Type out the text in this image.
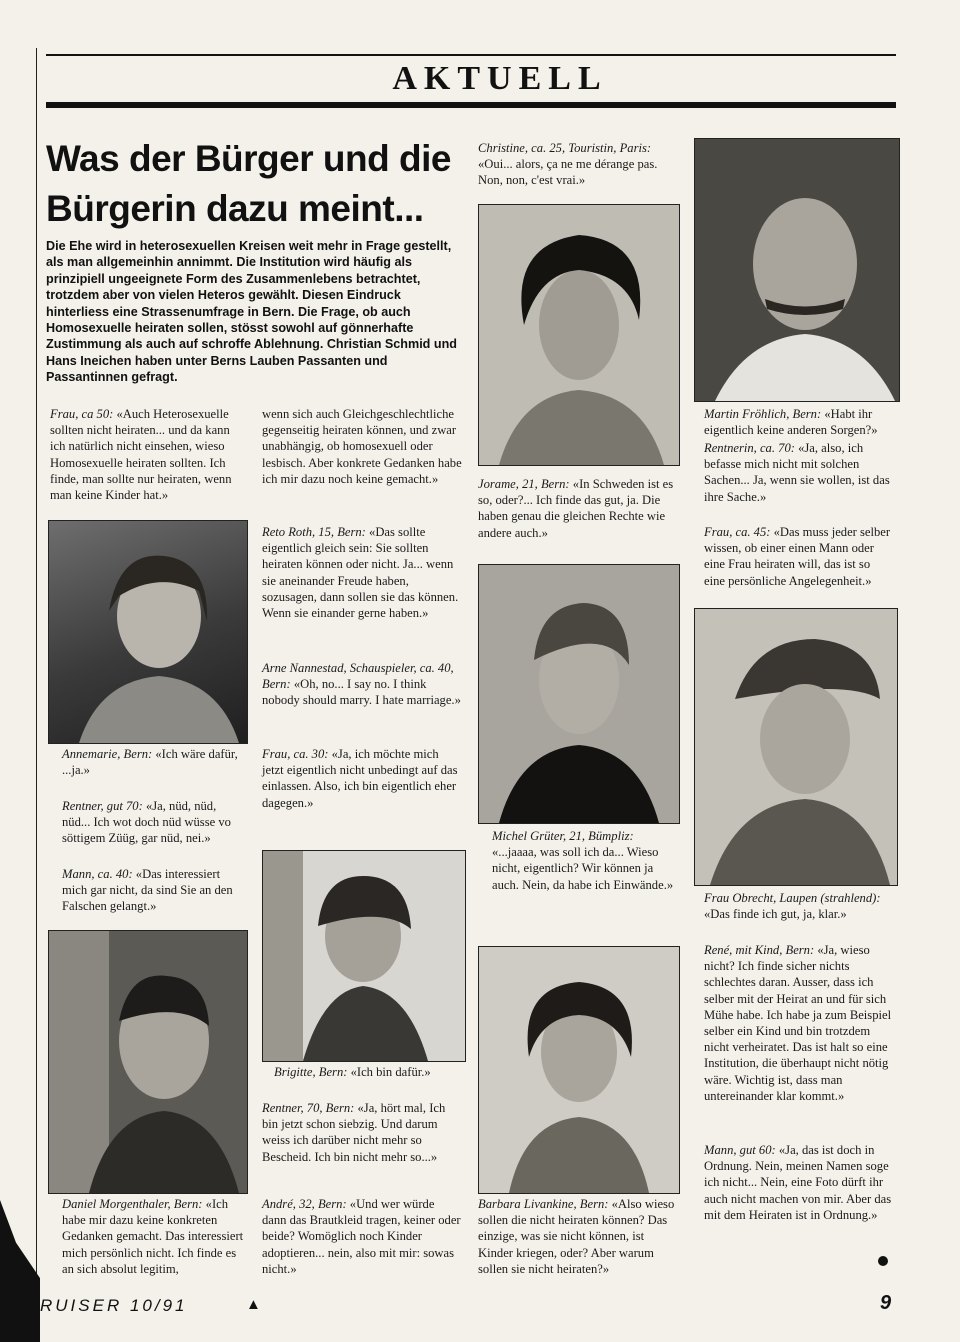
AKTUELL
Was der Bürger und die Bürgerin dazu meint...
Die Ehe wird in heterosexuellen Kreisen weit mehr in Frage gestellt, als man allgemeinhin annimmt. Die Institution wird häufig als prinzipiell ungeeignete Form des Zusammenlebens betrachtet, trotzdem aber von vielen Heteros gewählt. Diesen Eindruck hinterliess eine Strassenumfrage in Bern. Die Frage, ob auch Homosexuelle heiraten sollen, stösst sowohl auf gönnerhafte Zustimmung als auch auf schroffe Ablehnung. Christian Schmid und Hans Ineichen haben unter Berns Lauben Passanten und Passantinnen gefragt.
Frau, ca 50: «Auch Heterosexuelle sollten nicht heiraten... und da kann ich natürlich nicht einsehen, wieso Homosexuelle heiraten sollten. Ich finde, man sollte nur heiraten, wenn man keine Kinder hat.»
Annemarie, Bern: «Ich wäre dafür, ...ja.»
Rentner, gut 70: «Ja, nüd, nüd, nüd... Ich wot doch nüd wüsse vo söttigem Züüg, gar nüd, nei.»
Mann, ca. 40: «Das interessiert mich gar nicht, da sind Sie an den Falschen gelangt.»
Daniel Morgenthaler, Bern: «Ich habe mir dazu keine konkreten Gedanken gemacht. Das interessiert mich persönlich nicht. Ich finde es an sich absolut legitim,
wenn sich auch Gleichgeschlechtliche gegenseitig heiraten können, und zwar unabhängig, ob homosexuell oder lesbisch. Aber konkrete Gedanken habe ich mir dazu noch keine gemacht.»
Reto Roth, 15, Bern: «Das sollte eigentlich gleich sein: Sie sollten heiraten können oder nicht. Ja... wenn sie aneinander Freude haben, sozusagen, dann sollen sie das können. Wenn sie einander gerne haben.»
Arne Nannestad, Schauspieler, ca. 40, Bern: «Oh, no... I say no. I think nobody should marry. I hate marriage.»
Frau, ca. 30: «Ja, ich möchte mich jetzt eigentlich nicht unbedingt auf das einlassen. Also, ich bin eigentlich eher dagegen.»
Brigitte, Bern: «Ich bin dafür.»
Rentner, 70, Bern: «Ja, hört mal, Ich bin jetzt schon siebzig. Und darum weiss ich darüber nicht mehr so Bescheid. Ich bin nicht mehr so...»
André, 32, Bern: «Und wer würde dann das Brautkleid tragen, keiner oder beide? Womöglich noch Kinder adoptieren... nein, also mit mir: sowas nicht.»
Christine, ca. 25, Touristin, Paris: «Oui... alors, ça ne me dérange pas. Non, non, c'est vrai.»
Jorame, 21, Bern: «In Schweden ist es so, oder?... Ich finde das gut, ja. Die haben genau die gleichen Rechte wie andere auch.»
Michel Grüter, 21, Bümpliz: «...jaaaa, was soll ich da... Wieso nicht, eigentlich? Wir können ja auch. Nein, da habe ich Einwände.»
Barbara Livankine, Bern: «Also wieso sollen die nicht heiraten können? Das einzige, was sie nicht können, ist Kinder kriegen, oder? Aber warum sollen sie nicht heiraten?»
Martin Fröhlich, Bern: «Habt ihr eigentlich keine anderen Sorgen?»
Rentnerin, ca. 70: «Ja, also, ich befasse mich nicht mit solchen Sachen... Ja, wenn sie wollen, ist das ihre Sache.»
Frau, ca. 45: «Das muss jeder selber wissen, ob einer einen Mann oder eine Frau heiraten will, das ist so eine persönliche Angelegenheit.»
Frau Obrecht, Laupen (strahlend): «Das finde ich gut, ja, klar.»
René, mit Kind, Bern: «Ja, wieso nicht? Ich finde sicher nichts schlechtes daran. Ausser, dass ich selber mit der Heirat an und für sich Mühe habe. Ich habe ja zum Beispiel selber ein Kind und bin trotzdem nicht verheiratet. Das ist halt so eine Institution, die überhaupt nicht nötig wäre. Wichtig ist, dass man untereinander klar kommt.»
Mann, gut 60: «Ja, das ist doch in Ordnung. Nein, meinen Namen soge ich nicht... Nein, eine Foto dürft ihr auch nicht machen von mir. Aber das mit dem Heiraten ist in Ordnung.»
RUISER 10/91	▲	9
